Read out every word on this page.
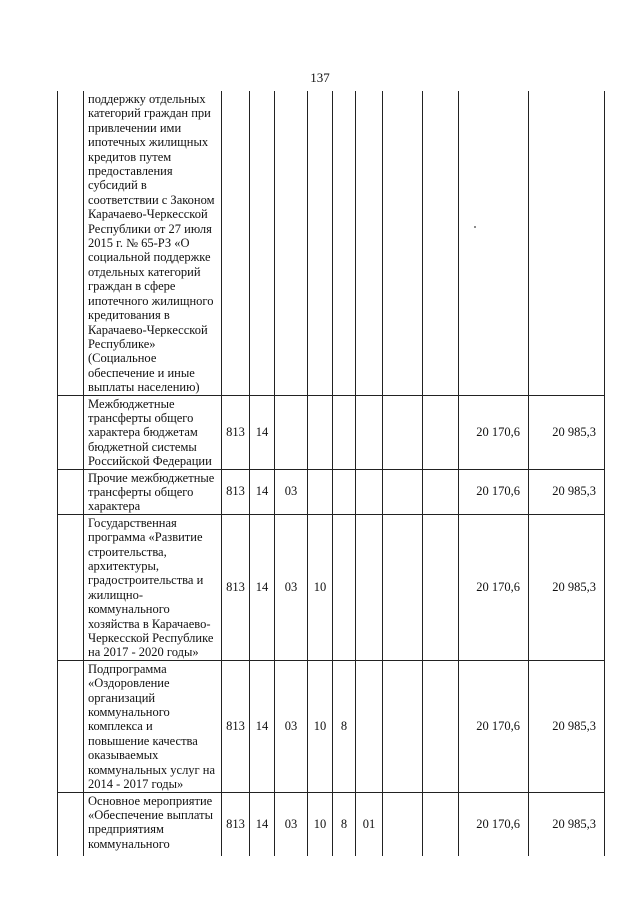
137
	поддержку отдельных категорий граждан при привлечении ими ипотечных жилищных кредитов путем предоставления субсидий в соответствии с Законом Карачаево-Черкесской Республики от 27 июля 2015 г. № 65-РЗ «О социальной поддержке отдельных категорий граждан в сфере ипотечного жилищного кредитования в Карачаево-Черкесской Республике» (Социальное обеспечение и иные выплаты населению)										
	Межбюджетные трансферты общего характера бюджетам бюджетной системы Российской Федерации	813	14							20 170,6	20 985,3
	Прочие межбюджетные трансферты общего характера	813	14	03						20 170,6	20 985,3
	Государственная программа «Развитие строительства, архитектуры, градостроительства и жилищно-коммунального хозяйства в Карачаево-Черкесской Республике на 2017 - 2020 годы»	813	14	03	10					20 170,6	20 985,3
	Подпрограмма «Оздоровление организаций коммунального комплекса и повышение качества оказываемых коммунальных услуг на 2014 - 2017 годы»	813	14	03	10	8				20 170,6	20 985,3
	Основное мероприятие «Обеспечение выплаты предприятиям коммунального	813	14	03	10	8	01			20 170,6	20 985,3
